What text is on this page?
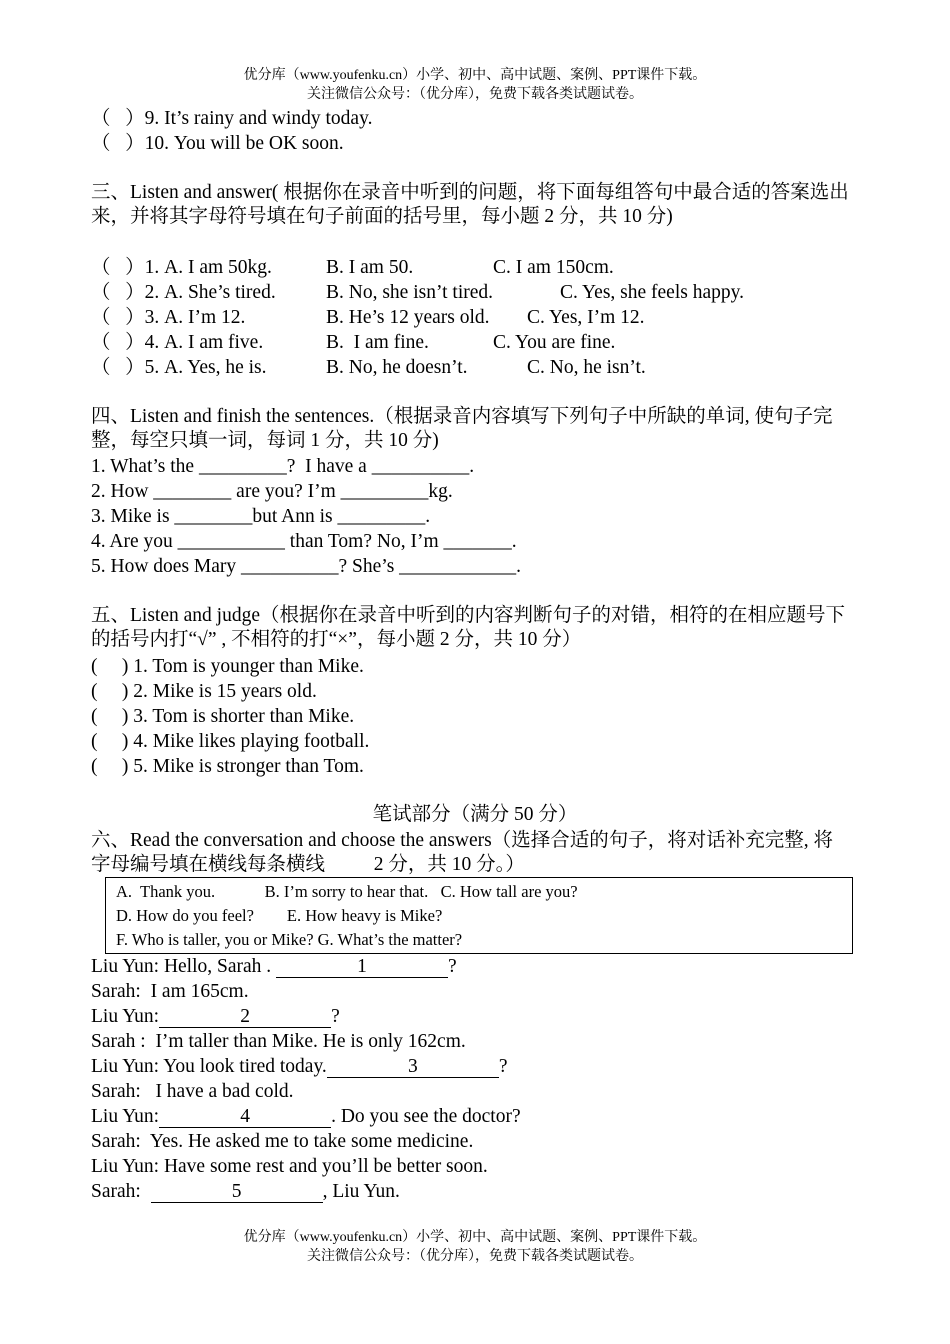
优分库（www.youfenku.cn）小学、初中、高中试题、案例、PPT课件下载。
关注微信公众号：（优分库），免费下载各类试题试卷。
（   ）9. It’s rainy and windy today.
（   ）10. You will be OK soon.
三、Listen and answer( 根据你在录音中听到的问题，将下面每组答句中最合适的答案选出来，并将其字母符号填在句子前面的括号里，每小题 2 分，共 10 分)
（   ）1. A. I am 50kg.	B. I am 50.	C. I am 150cm.
（   ）2. A. She’s tired.	B. No, she isn’t tired.	C. Yes, she feels happy.
（   ）3. A. I’m 12.	B. He’s 12 years old. C. Yes, I’m 12.
（   ）4. A. I am five.	B.  I am fine.	C. You are fine.
（   ）5. A. Yes, he is.	B. No, he doesn’t.	C. No, he isn’t.
四、Listen and finish the sentences.（根据录音内容填写下列句子中所缺的单词, 使句子完整，每空只填一词，每词 1 分，共 10 分)
1. What’s the _________?  I have a __________.
2. How ________ are you? I’m _________kg.
3. Mike is ________but Ann is _________.
4. Are you ___________ than Tom? No, I’m _______.
5. How does Mary __________? She’s ____________.
五、Listen and judge（根据你在录音中听到的内容判断句子的对错，相符的在相应题号下的括号内打“√” , 不相符的打“×”，每小题 2 分，共 10 分）
(     ) 1. Tom is younger than Mike.
(     ) 2. Mike is 15 years old.
(     ) 3. Tom is shorter than Mike.
(     ) 4. Mike likes playing football.
(     ) 5. Mike is stronger than Tom.
笔试部分（满分 50 分）
六、Read the conversation and choose the answers（选择合适的句子，将对话补充完整, 将
字母编号填在横线每条横线          2 分，共 10 分。）
A.  Thank you.            B. I’m sorry to hear that.   C. How tall are you?
D. How do you feel?        E. How heavy is Mike?
F. Who is taller, you or Mike? G. What’s the matter?
Liu Yun: Hello, Sarah .	1	?
Sarah:  I am 165cm.
Liu Yun:	2	?
Sarah :  I’m taller than Mike. He is only 162cm.
Liu Yun: You look tired today.	3	?
Sarah:   I have a bad cold.
Liu Yun:	4	. Do you see the doctor?
Sarah:  Yes. He asked me to take some medicine.
Liu Yun: Have some rest and you’ll be better soon.
Sarah:	5	, Liu Yun.
优分库（www.youfenku.cn）小学、初中、高中试题、案例、PPT课件下载。
关注微信公众号：（优分库），免费下载各类试题试卷。
